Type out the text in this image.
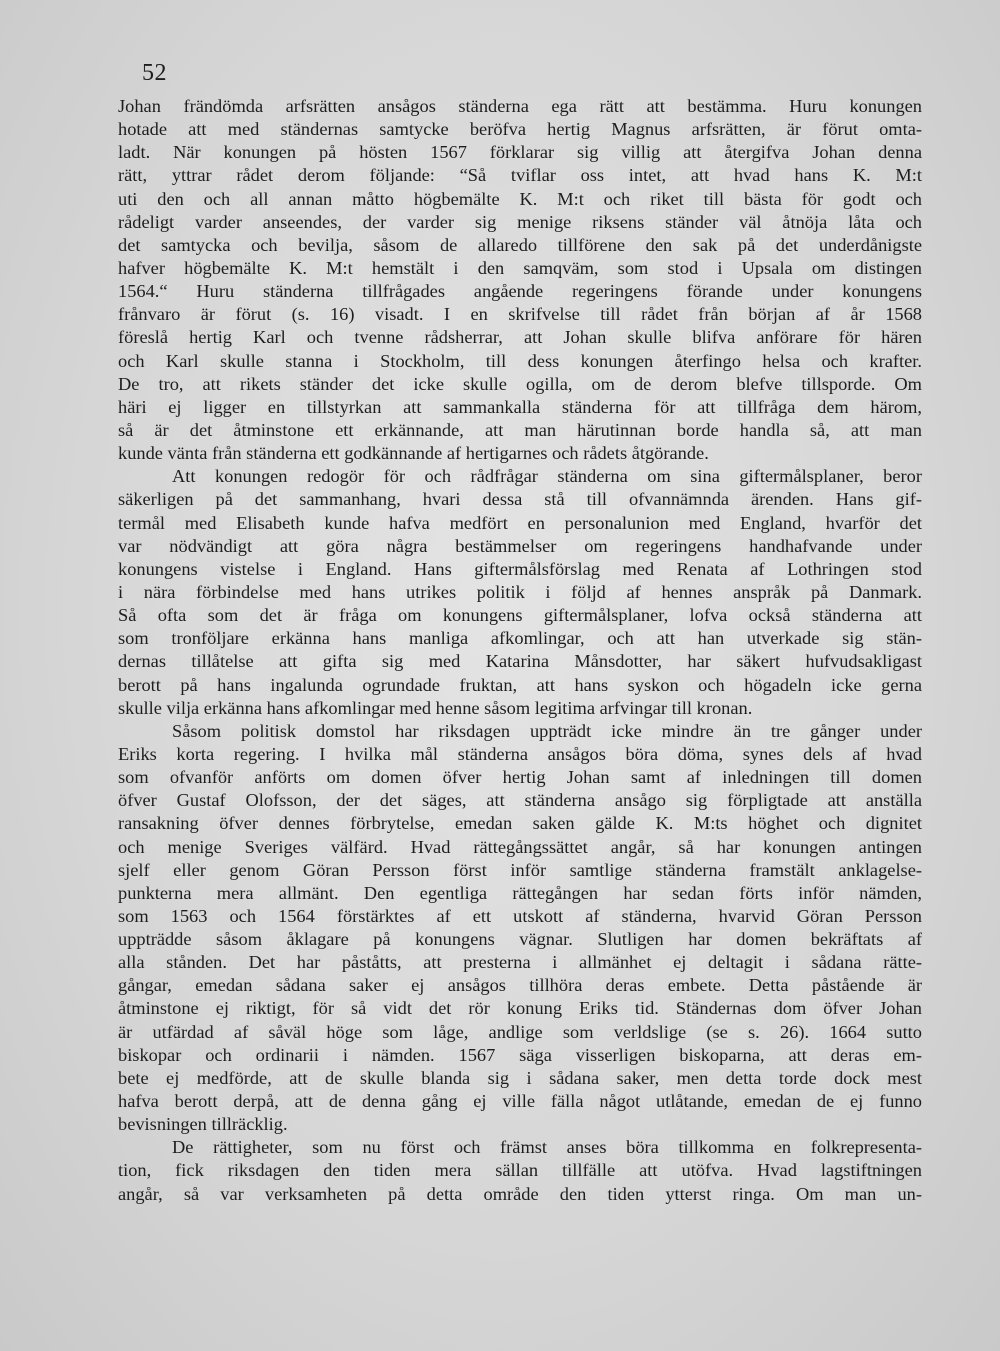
52
Johan frändömda arfsrätten ansågos ständerna ega rätt att bestämma. Huru konungen
hotade att med ständernas samtycke beröfva hertig Magnus arfsrätten, är förut omta-
ladt. När konungen på hösten 1567 förklarar sig villig att återgifva Johan denna
rätt, yttrar rådet derom följande: “Så tviflar oss intet, att hvad hans K. M:t
uti den och all annan måtto högbemälte K. M:t och riket till bästa för godt och
rådeligt varder anseendes, der varder sig menige riksens ständer väl åtnöja låta och
det samtycka och bevilja, såsom de allaredo tillförene den sak på det underdånigste
hafver högbemälte K. M:t hemstält i den samqväm, som stod i Upsala om distingen
1564.“ Huru ständerna tillfrågades angående regeringens förande under konungens
frånvaro är förut (s. 16) visadt. I en skrifvelse till rådet från början af år 1568
föreslå hertig Karl och tvenne rådsherrar, att Johan skulle blifva anförare för hären
och Karl skulle stanna i Stockholm, till dess konungen återfingo helsa och krafter.
De tro, att rikets ständer det icke skulle ogilla, om de derom blefve tillsporde. Om
häri ej ligger en tillstyrkan att sammankalla ständerna för att tillfråga dem härom,
så är det åtminstone ett erkännande, att man härutinnan borde handla så, att man
kunde vänta från ständerna ett godkännande af hertigarnes och rådets åtgörande.
Att konungen redogör för och rådfrågar ständerna om sina giftermålsplaner, beror
säkerligen på det sammanhang, hvari dessa stå till ofvannämnda ärenden. Hans gif-
termål med Elisabeth kunde hafva medfört en personalunion med England, hvarför det
var nödvändigt att göra några bestämmelser om regeringens handhafvande under
konungens vistelse i England. Hans giftermålsförslag med Renata af Lothringen stod
i nära förbindelse med hans utrikes politik i följd af hennes anspråk på Danmark.
Så ofta som det är fråga om konungens giftermålsplaner, lofva också ständerna att
som tronföljare erkänna hans manliga afkomlingar, och att han utverkade sig stän-
dernas tillåtelse att gifta sig med Katarina Månsdotter, har säkert hufvudsakligast
berott på hans ingalunda ogrundade fruktan, att hans syskon och högadeln icke gerna
skulle vilja erkänna hans afkomlingar med henne såsom legitima arfvingar till kronan.
Såsom politisk domstol har riksdagen uppträdt icke mindre än tre gånger under
Eriks korta regering. I hvilka mål ständerna ansågos böra döma, synes dels af hvad
som ofvanför anförts om domen öfver hertig Johan samt af inledningen till domen
öfver Gustaf Olofsson, der det säges, att ständerna ansågo sig förpligtade att anställa
ransakning öfver dennes förbrytelse, emedan saken gälde K. M:ts höghet och dignitet
och menige Sveriges välfärd. Hvad rättegångssättet angår, så har konungen antingen
sjelf eller genom Göran Persson först inför samtlige ständerna framstält anklagelse-
punkterna mera allmänt. Den egentliga rättegången har sedan förts inför nämden,
som 1563 och 1564 förstärktes af ett utskott af ständerna, hvarvid Göran Persson
uppträdde såsom åklagare på konungens vägnar. Slutligen har domen bekräftats af
alla stånden. Det har påståtts, att presterna i allmänhet ej deltagit i sådana rätte-
gångar, emedan sådana saker ej ansågos tillhöra deras embete. Detta påstående är
åtminstone ej riktigt, för så vidt det rör konung Eriks tid. Ständernas dom öfver Johan
är utfärdad af såväl höge som låge, andlige som verldslige (se s. 26). 1664 sutto
biskopar och ordinarii i nämden. 1567 säga visserligen biskoparna, att deras em-
bete ej medförde, att de skulle blanda sig i sådana saker, men detta torde dock mest
hafva berott derpå, att de denna gång ej ville fälla något utlåtande, emedan de ej funno
bevisningen tillräcklig.
De rättigheter, som nu först och främst anses böra tillkomma en folkrepresenta-
tion, fick riksdagen den tiden mera sällan tillfälle att utöfva. Hvad lagstiftningen
angår, så var verksamheten på detta område den tiden ytterst ringa. Om man un-
